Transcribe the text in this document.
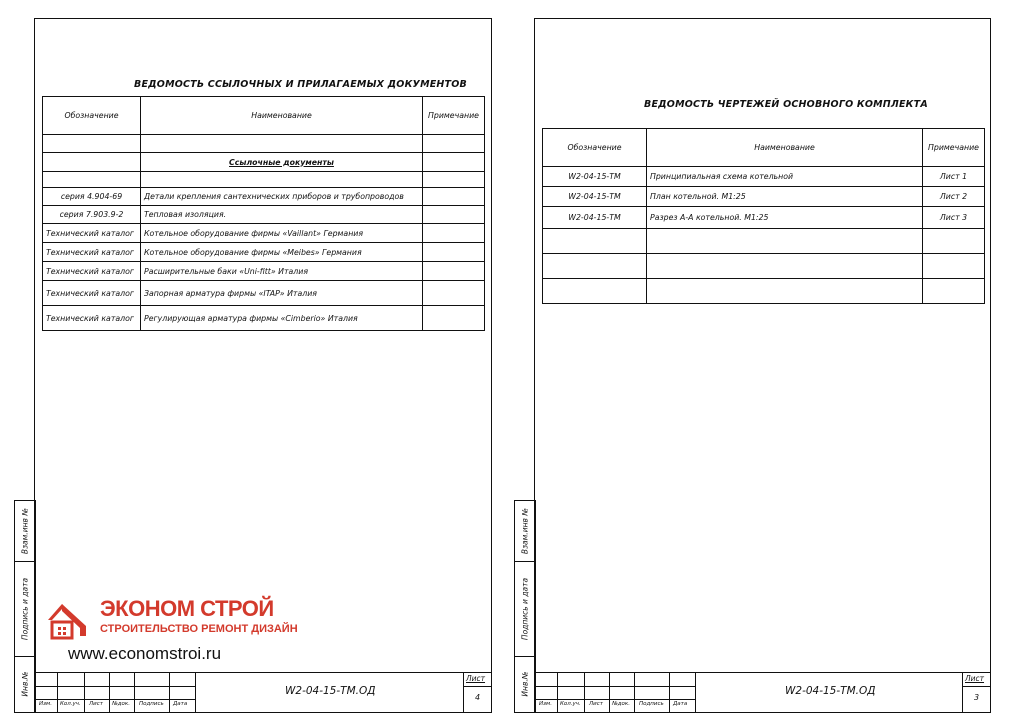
ВЕДОМОСТЬ ССЫЛОЧНЫХ И ПРИЛАГАЕМЫХ ДОКУМЕНТОВ
Обозначение	Наименование	Примечание

	Ссылочные документы	

серия 4.904-69	Детали крепления сантехнических приборов и трубопроводов	
серия 7.903.9-2	Тепловая изоляция.	
Технический каталог	Котельное оборудование фирмы «Vaillant» Германия	
Технический каталог	Котельное оборудование фирмы «Meibes» Германия	
Технический каталог	Расширительные баки «Uni-fitt» Италия	
Технический каталог	Запорная арматура фирмы «ITAP» Италия	
Технический каталог	Регулирующая арматура фирмы «Cimberio» Италия	
Взам.инв №
Подпись и дата
Инв.№
Изм. Кол.уч. Лист №док. Подпись Дата
W2-04-15-ТМ.ОД
Лист
4
ЭКОНОМ СТРОЙ
СТРОИТЕЛЬСТВО РЕМОНТ ДИЗАЙН
www.economstroi.ru
ВЕДОМОСТЬ ЧЕРТЕЖЕЙ ОСНОВНОГО КОМПЛЕКТА
Обозначение	Наименование	Примечание
W2-04-15-ТМ	Принципиальная схема котельной	Лист 1
W2-04-15-ТМ	План котельной. М1:25	Лист 2
W2-04-15-ТМ	Разрез А-А котельной. М1:25	Лист 3

Взам.инв №
Подпись и дата
Инв.№
Изм. Кол.уч. Лист №док. Подпись Дата
W2-04-15-ТМ.ОД
Лист
3
